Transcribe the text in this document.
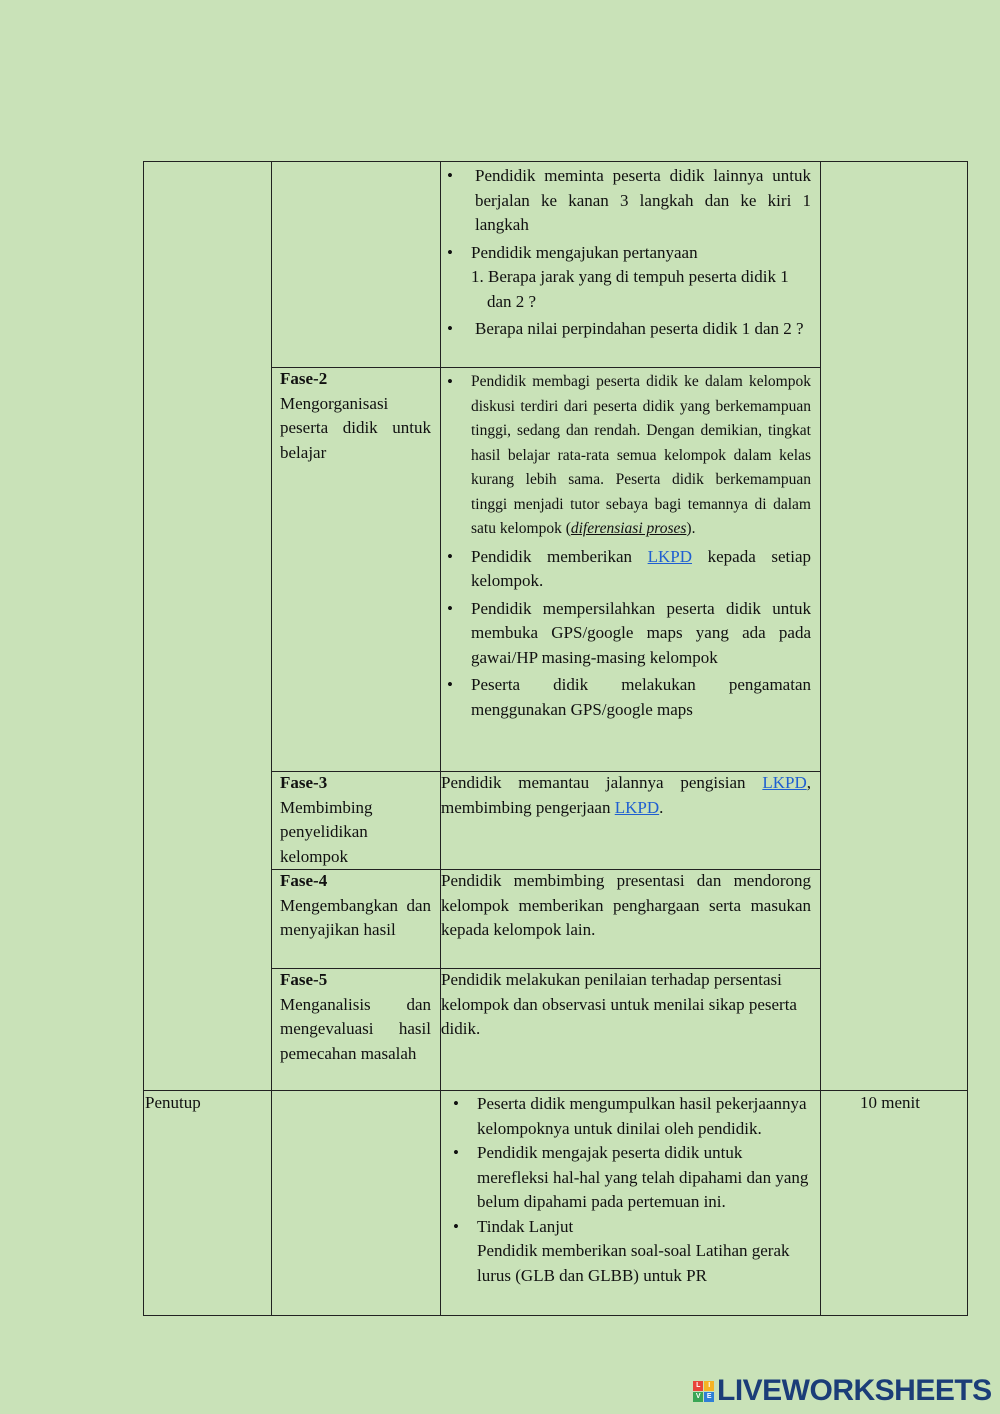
• Pendidik meminta peserta didik lainnya untuk berjalan ke kanan 3 langkah dan ke kiri 1 langkah
• Pendidik mengajukan pertanyaan
1. Berapa jarak yang di tempuh peserta didik 1 dan 2 ?
• Berapa nilai perpindahan peserta didik 1 dan 2 ?
Fase-2
Mengorganisasi peserta didik untuk belajar
• Pendidik membagi peserta didik ke dalam kelompok diskusi terdiri dari peserta didik yang berkemampuan tinggi, sedang dan rendah. Dengan demikian, tingkat hasil belajar rata-rata semua kelompok dalam kelas kurang lebih sama. Peserta didik berkemampuan tinggi menjadi tutor sebaya bagi temannya di dalam satu kelompok (diferensiasi proses).
• Pendidik memberikan LKPD kepada setiap kelompok.
• Pendidik mempersilahkan peserta didik untuk membuka GPS/google maps yang ada pada gawai/HP masing-masing kelompok
• Peserta didik melakukan pengamatan menggunakan GPS/google maps
Fase-3
Membimbing penyelidikan kelompok
Pendidik memantau jalannya pengisian LKPD, membimbing pengerjaan LKPD.
Fase-4
Mengembangkan dan menyajikan hasil
Pendidik membimbing presentasi dan mendorong kelompok memberikan penghargaan serta masukan kepada kelompok lain.
Fase-5
Menganalisis dan mengevaluasi hasil pemecahan masalah
Pendidik melakukan penilaian terhadap persentasi kelompok dan observasi untuk menilai sikap peserta didik.
Penutup	10 menit
• Peserta didik mengumpulkan hasil pekerjaannya kelompoknya untuk dinilai oleh pendidik.
• Pendidik mengajak peserta didik untuk merefleksi hal-hal yang telah dipahami dan yang belum dipahami pada pertemuan ini.
• Tindak Lanjut
Pendidik memberikan soal-soal Latihan gerak lurus (GLB dan GLBB) untuk PR
L	I
V E LIVEWORKSHEETS
